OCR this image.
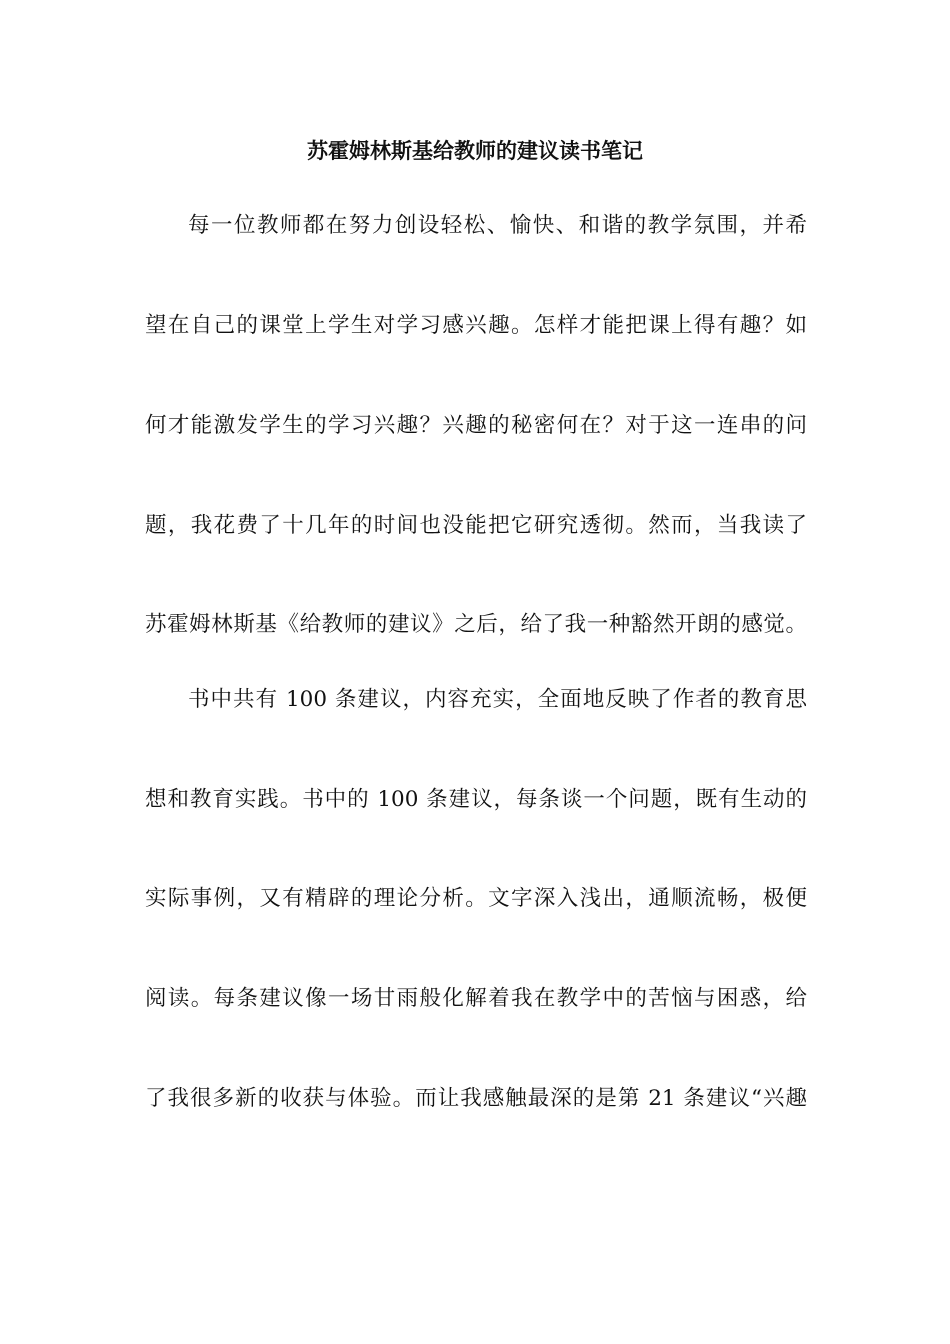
苏霍姆林斯基给教师的建议读书笔记
每一位教师都在努力创设轻松、愉快、和谐的教学氛围，并希
望在自己的课堂上学生对学习感兴趣。怎样才能把课上得有趣？如
何才能激发学生的学习兴趣？兴趣的秘密何在？对于这一连串的问
题，我花费了十几年的时间也没能把它研究透彻。然而，当我读了
苏霍姆林斯基《给教师的建议》之后，给了我一种豁然开朗的感觉。
书中共有 100 条建议，内容充实，全面地反映了作者的教育思
想和教育实践。书中的 100 条建议，每条谈一个问题，既有生动的
实际事例，又有精辟的理论分析。文字深入浅出，通顺流畅，极便
阅读。每条建议像一场甘雨般化解着我在教学中的苦恼与困惑，给
了我很多新的收获与体验。而让我感触最深的是第 21 条建议“兴趣
